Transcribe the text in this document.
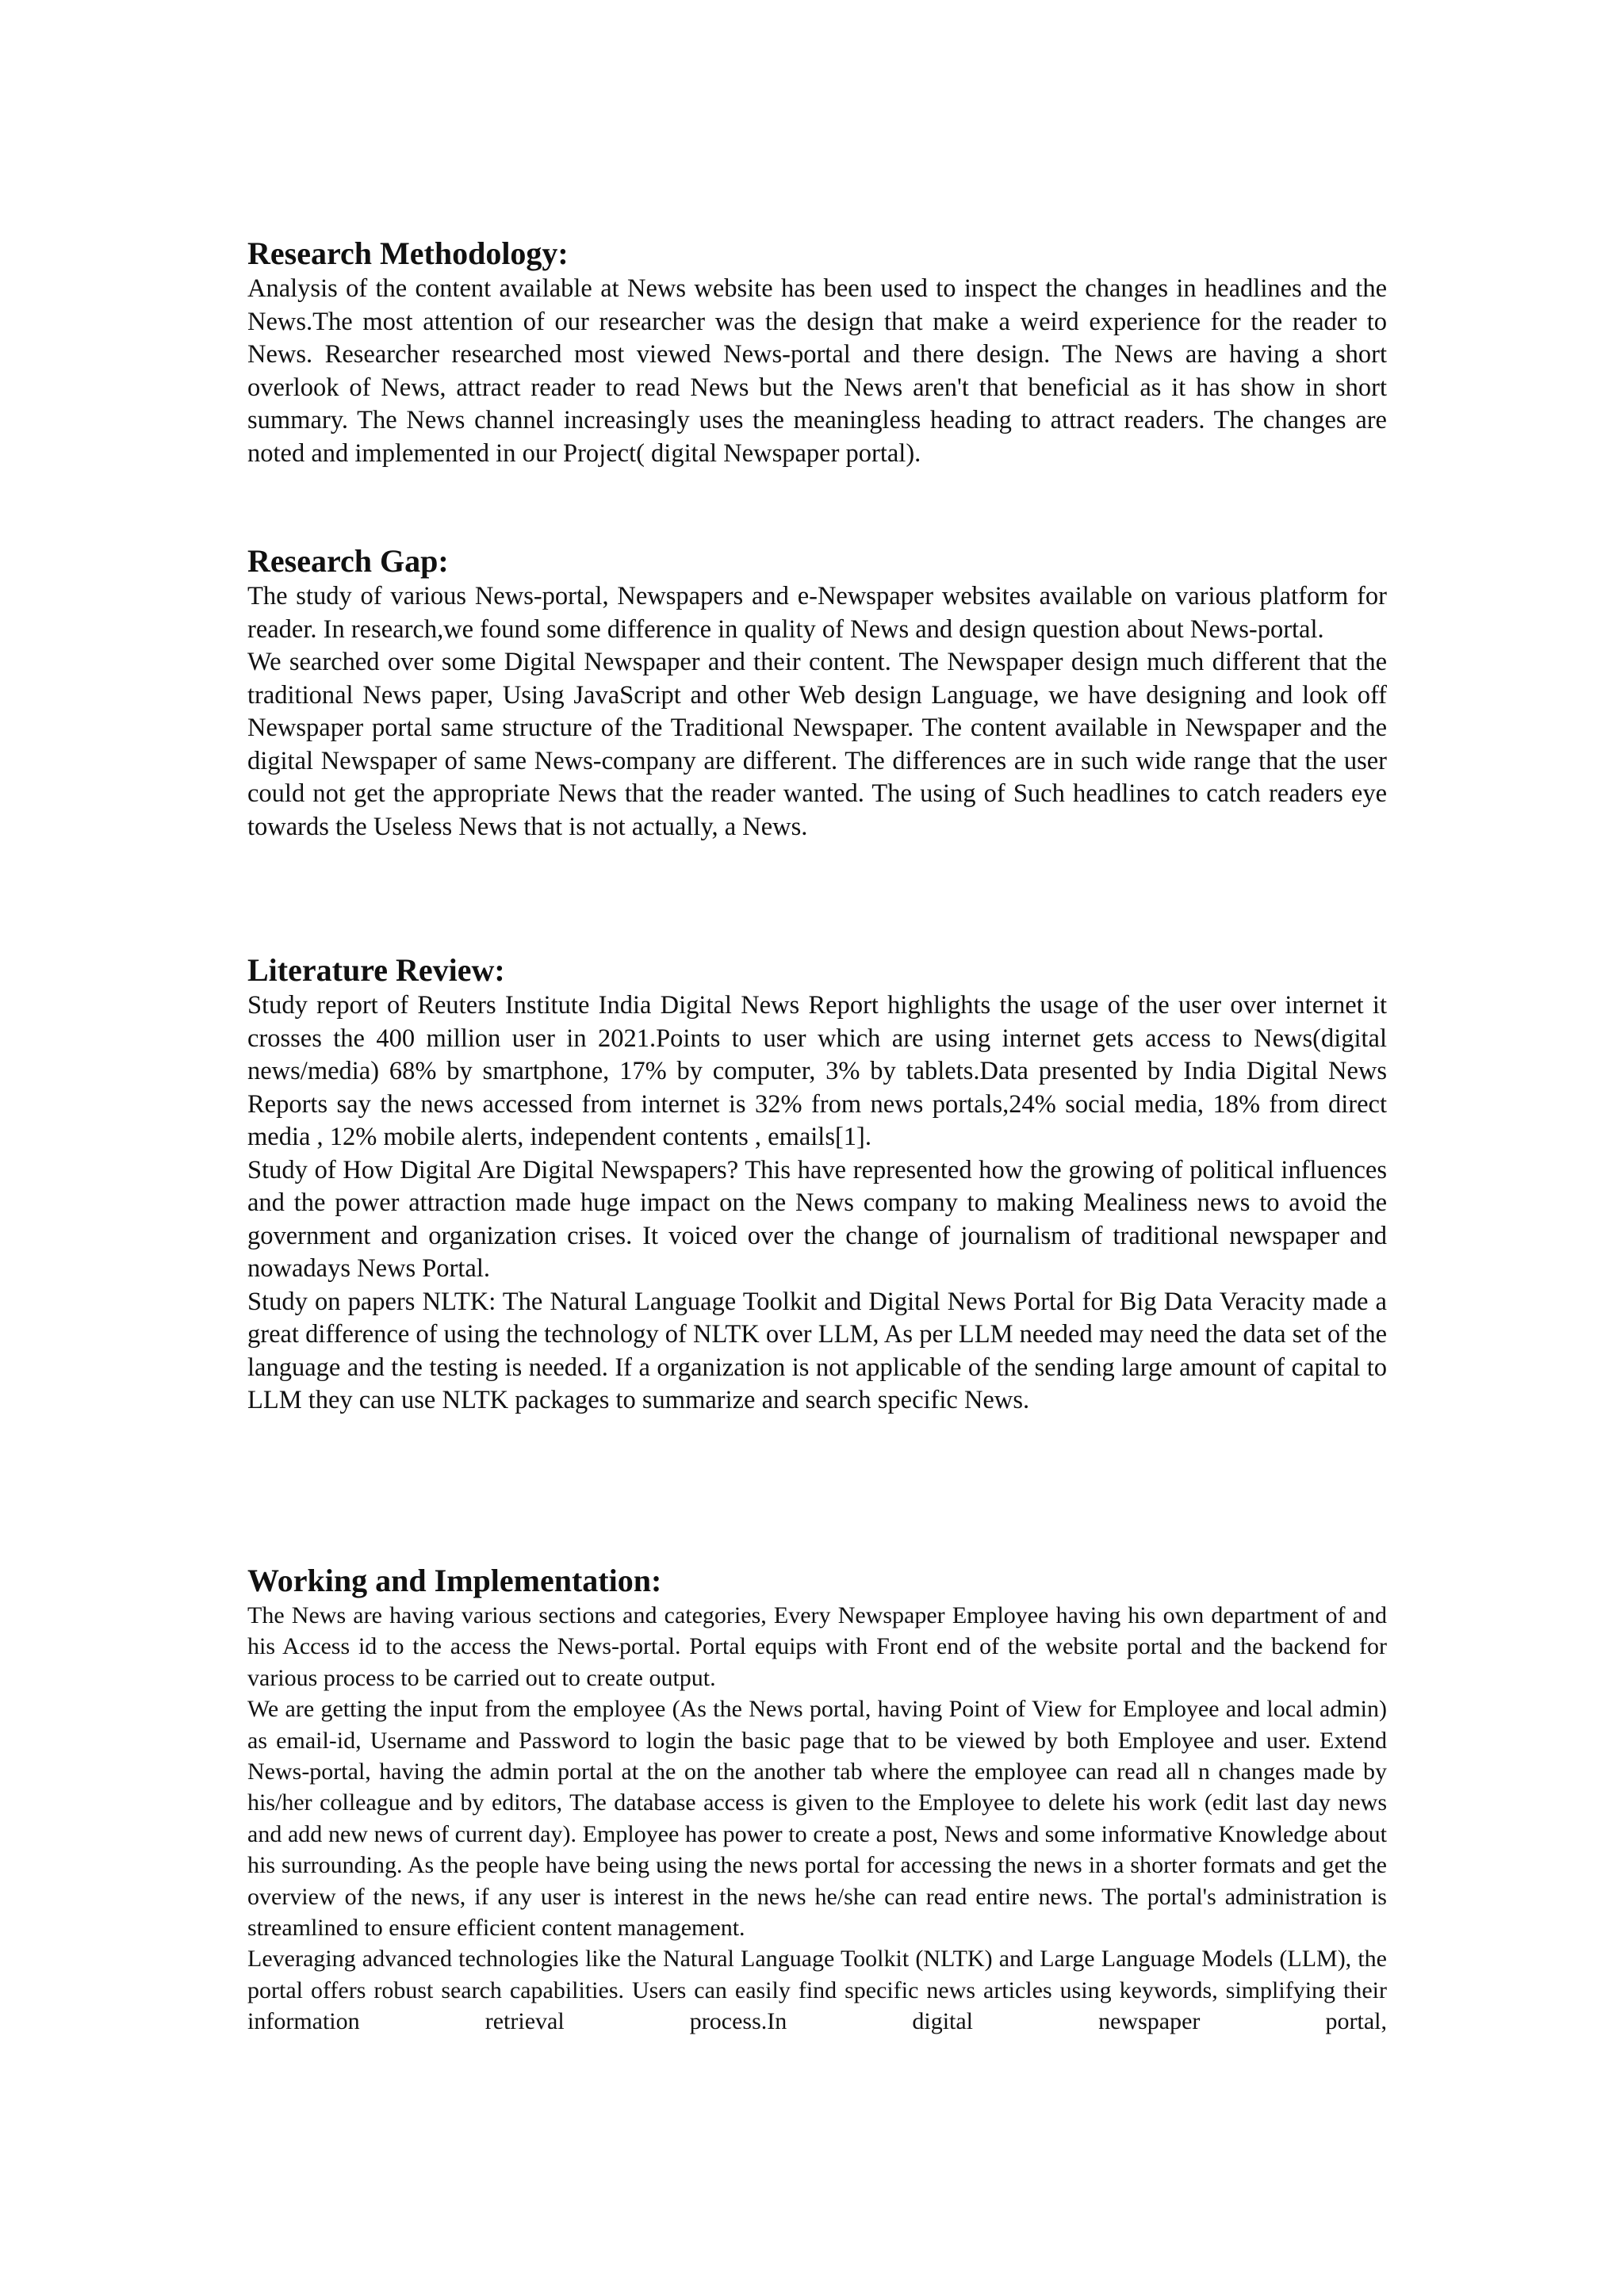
Research Methodology:

Analysis of the content available at News website has been used to inspect the changes in headlines and the News.The most attention of our researcher was the design that make a weird experience for the reader to News. Researcher researched most viewed News-portal and there design. The News are having a short overlook of News, attract reader to read News but the News aren't that beneficial as it has show in short summary. The News channel increasingly uses the meaningless heading to attract readers. The changes are noted and implemented in our Project( digital Newspaper portal).

Research Gap:

The study of various News-portal, Newspapers and e-Newspaper websites available on various platform for reader. In research,we found some difference in quality of News and design question about News-portal.

We searched over some Digital Newspaper and their content. The Newspaper design much different that the traditional News paper, Using JavaScript and other Web design Language, we have designing and look off Newspaper portal same structure of the Traditional Newspaper. The content available in Newspaper and the digital Newspaper of same News-company are different. The differences are in such wide range that the user could not get the appropriate News that the reader wanted. The using of Such headlines to catch readers eye towards the Useless News that is not actually, a News.

Literature Review:

Study report of Reuters Institute India Digital News Report highlights the usage of the user over internet it crosses the 400 million user in 2021.Points to user which are using internet gets access to News(digital news/media) 68% by smartphone, 17% by computer, 3% by tablets.Data presented by India Digital News Reports say the news accessed from internet is 32% from news portals,24% social media, 18% from direct media , 12% mobile alerts, independent contents , emails[1].

Study of How Digital Are Digital Newspapers? This have represented how the growing of political influences and the power attraction made huge impact on the News company to making Mealiness news to avoid the government and organization crises. It voiced over the change of journalism of traditional newspaper and nowadays News Portal.

Study on papers NLTK: The Natural Language Toolkit and Digital News Portal for Big Data Veracity made a great difference of using the technology of NLTK over LLM, As per LLM needed may need the data set of the language and the testing is needed. If a organization is not applicable of the sending large amount of capital to LLM they can use NLTK packages to summarize and search specific News.

Working and Implementation:

The News are having various sections and categories, Every Newspaper Employee having his own department of and his Access id to the access the News-portal. Portal equips with Front end of the website portal and the backend for various process to be carried out to create output.

We are getting the input from the employee (As the News portal, having Point of View for Employee and local admin) as email-id, Username and Password to login the basic page that to be viewed by both Employee and user. Extend News-portal, having the admin portal at the on the another tab where the employee can read all n changes made by his/her colleague and by editors, The database access is given to the Employee to delete his work (edit last day news and add new news of current day). Employee has power to create a post, News and some informative Knowledge about his surrounding. As the people have being using the news portal for accessing the news in a shorter formats and get the overview of the news, if any user is interest in the news he/she can read entire news. The portal's administration is streamlined to ensure efficient content management.

Leveraging advanced technologies like the Natural Language Toolkit (NLTK) and Large Language Models (LLM), the portal offers robust search capabilities. Users can easily find specific news articles using keywords, simplifying their information retrieval process.In digital newspaper portal,
